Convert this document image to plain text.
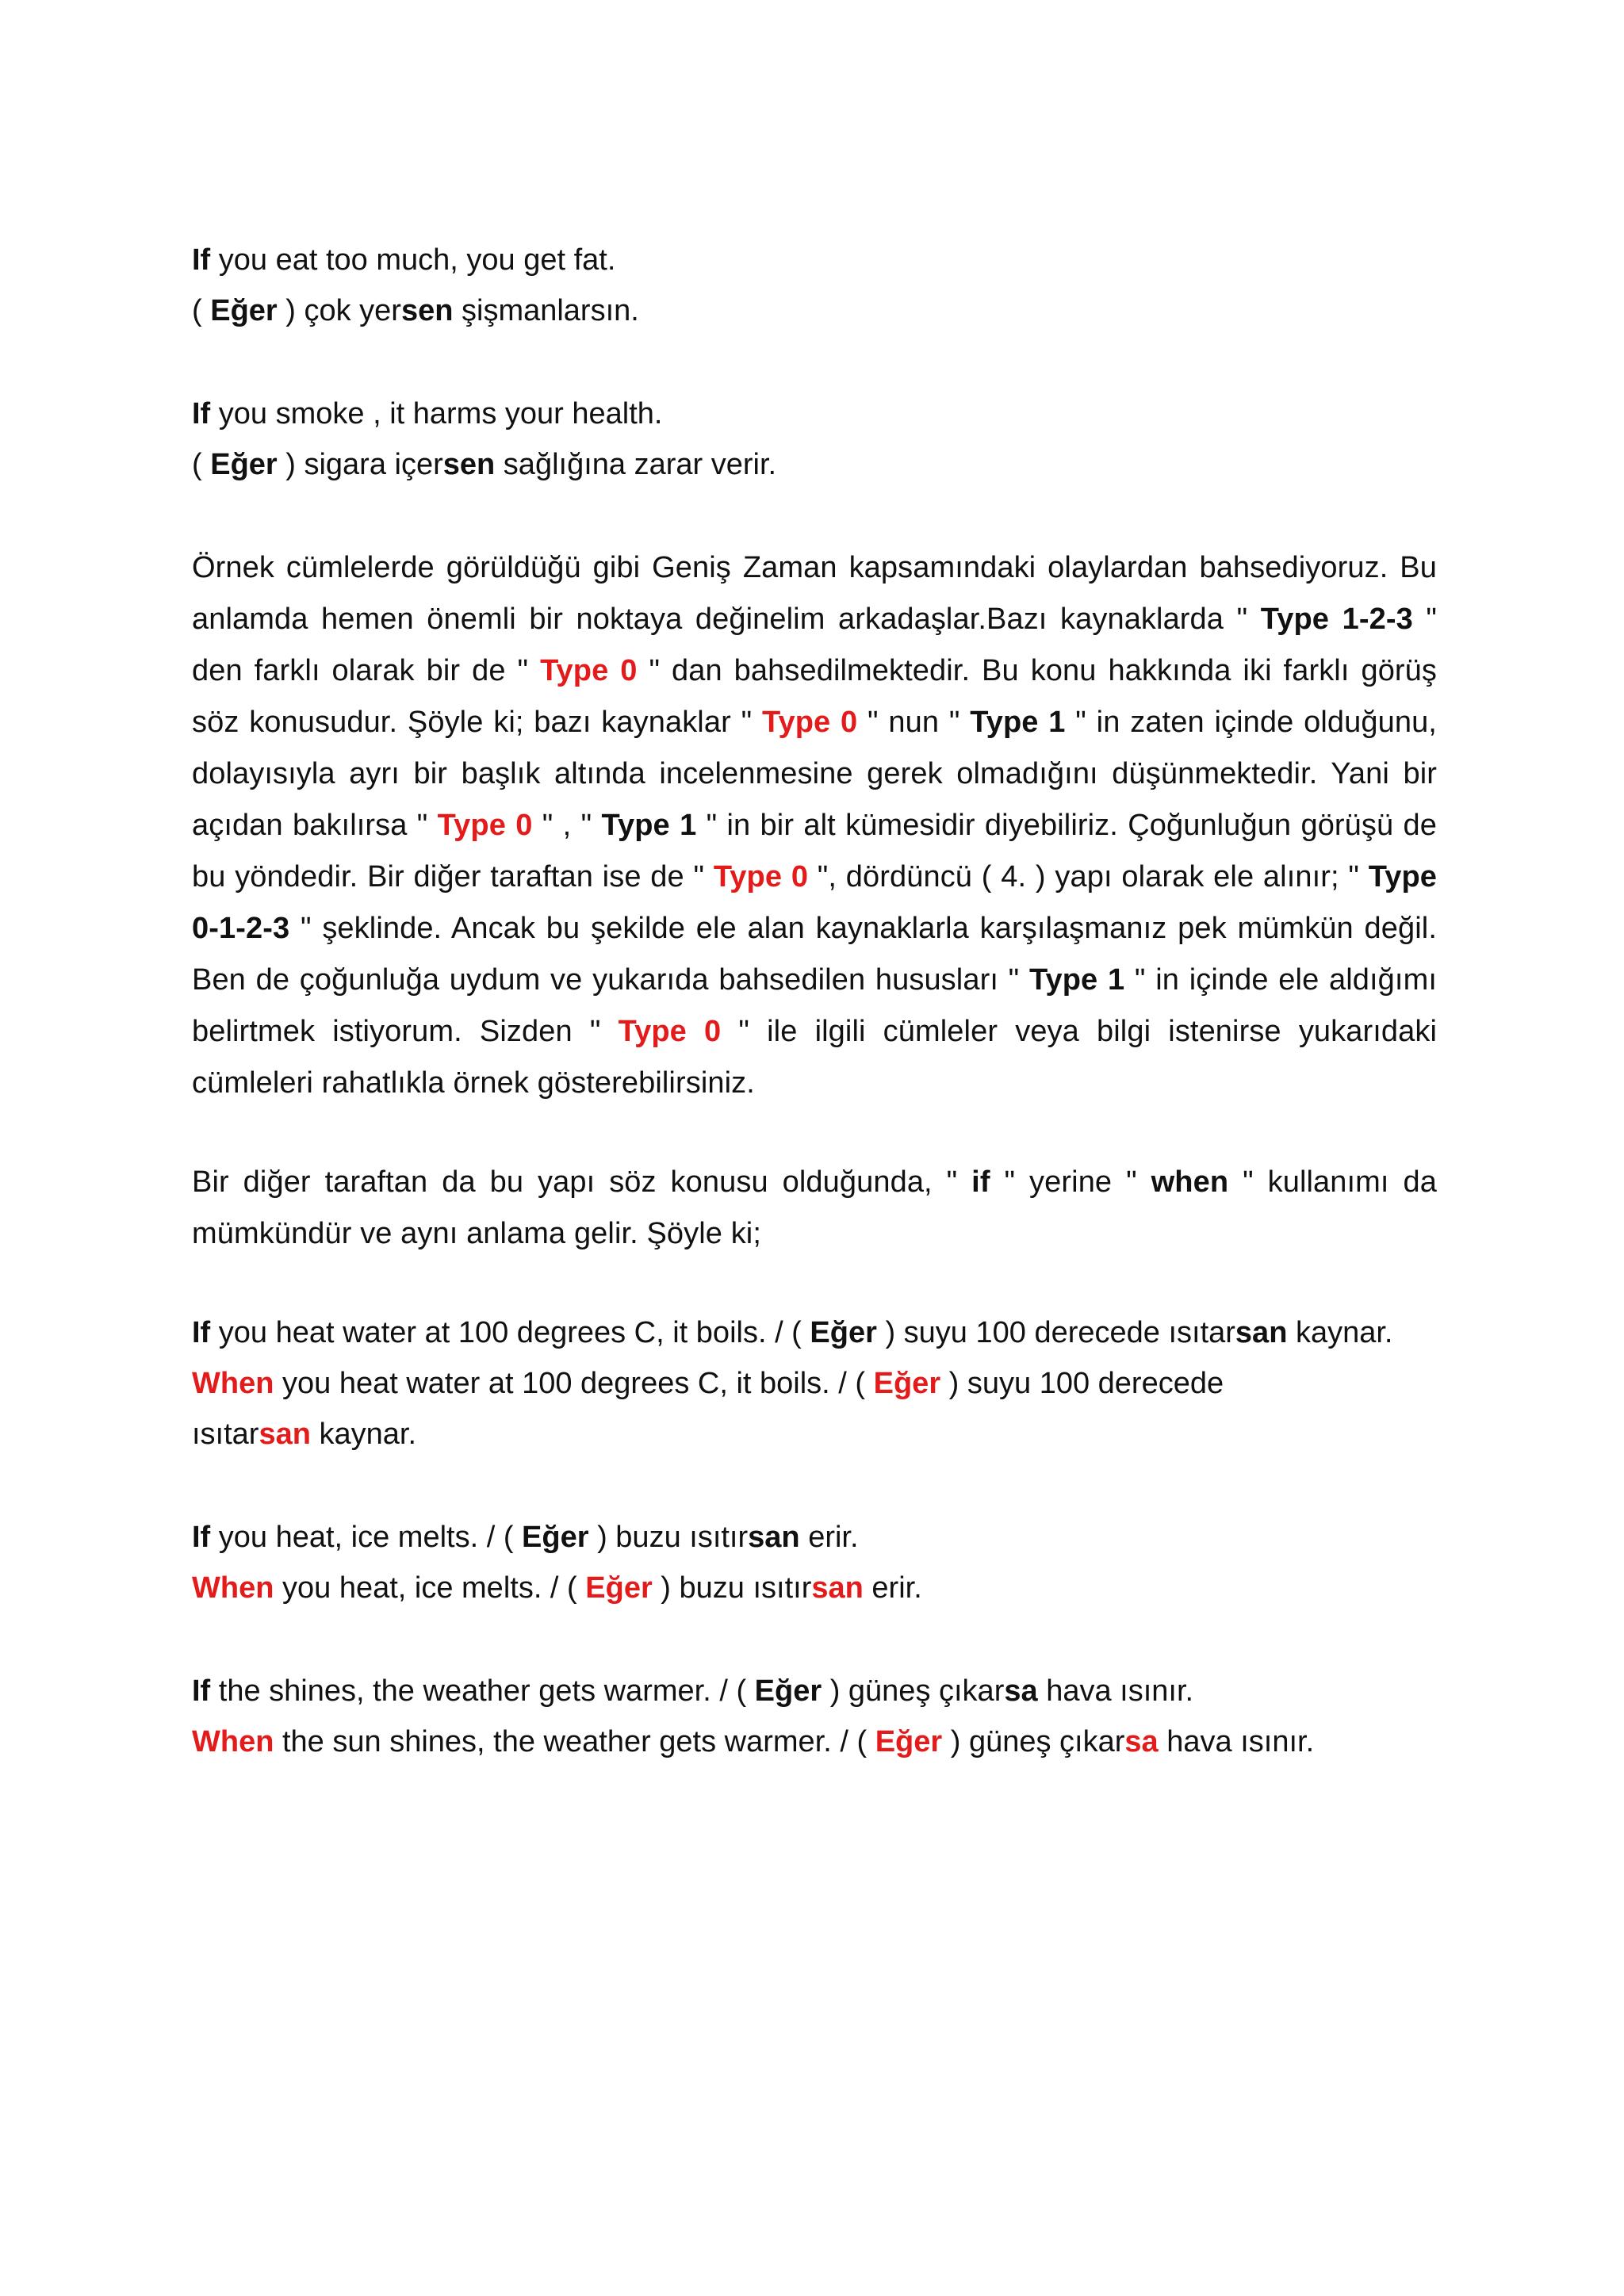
If you eat too much, you get fat.
( Eğer ) çok yersen şişmanlarsın.
If you smoke , it harms your health.
( Eğer ) sigara içersen sağlığına zarar verir.

Örnek cümlelerde görüldüğü gibi Geniş Zaman kapsamındaki olaylardan bahsediyoruz. Bu anlamda hemen önemli bir noktaya değinelim arkadaşlar.Bazı kaynaklarda " Type 1-2-3 " den farklı olarak bir de " Type 0 " dan bahsedilmektedir. Bu konu hakkında iki farklı görüş söz konusudur. Şöyle ki; bazı kaynaklar " Type 0 " nun " Type 1 " in zaten içinde olduğunu, dolayısıyla ayrı bir başlık altında incelenmesine gerek olmadığını düşünmektedir. Yani bir açıdan bakılırsa " Type 0 " , " Type 1 " in bir alt kümesidir diyebiliriz. Çoğunluğun görüşü de bu yöndedir. Bir diğer taraftan ise de " Type 0 ", dördüncü ( 4. ) yapı olarak ele alınır; " Type 0-1-2-3 " şeklinde. Ancak bu şekilde ele alan kaynaklarla karşılaşmanız pek mümkün değil. Ben de çoğunluğa uydum ve yukarıda bahsedilen hususları " Type 1 " in içinde ele aldığımı belirtmek istiyorum. Sizden " Type 0 " ile ilgili cümleler veya bilgi istenirse yukarıdaki cümleleri rahatlıkla örnek gösterebilirsiniz.

Bir diğer taraftan da bu yapı söz konusu olduğunda, " if " yerine " when " kullanımı da mümkündür ve aynı anlama gelir. Şöyle ki;

If you heat water at 100 degrees C, it boils. / ( Eğer ) suyu 100 derecede ısıtarsan kaynar.
When you heat water at 100 degrees C, it boils. / ( Eğer ) suyu 100 derecede
ısıtarsan kaynar.
If you heat, ice melts. / ( Eğer ) buzu ısıtırsan erir.
When you heat, ice melts. / ( Eğer ) buzu ısıtırsan erir.
If the shines, the weather gets warmer. / ( Eğer ) güneş çıkarsa hava ısınır.
When the sun shines, the weather gets warmer. / ( Eğer ) güneş çıkarsa hava ısınır.
